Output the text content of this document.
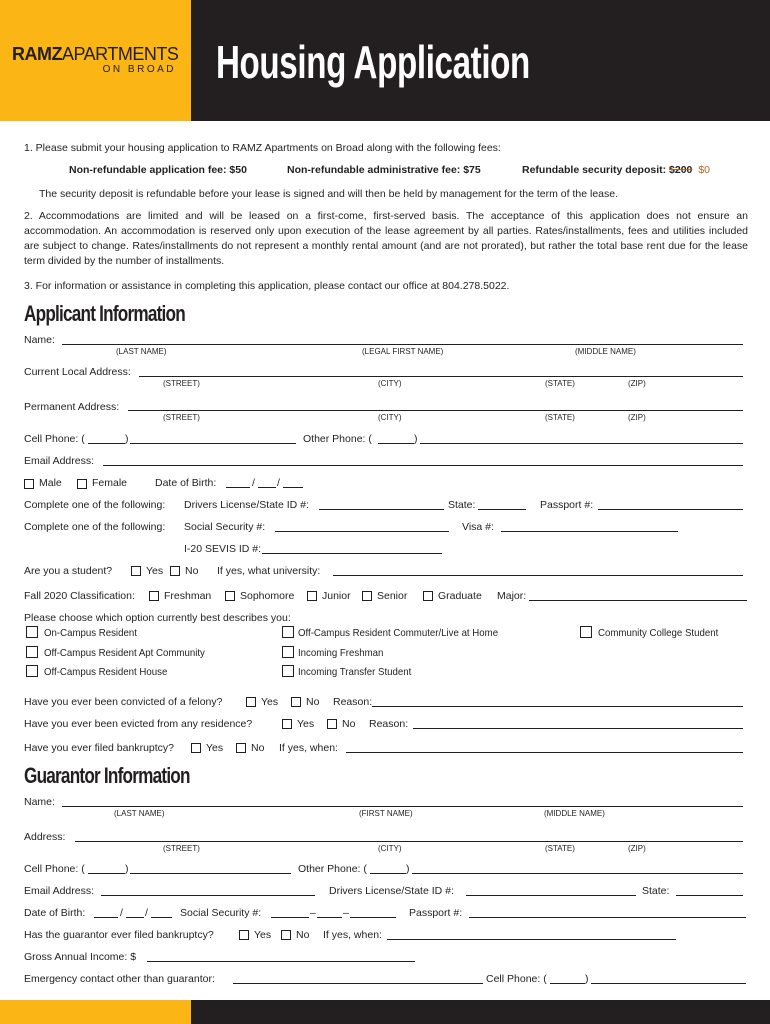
RAMZAPARTMENTS
ON BROAD Housing Application
1. Please submit your housing application to RAMZ Apartments on Broad along with the following fees:
Non-refundable application fee: $50	Non-refundable administrative fee: $75	Refundable security deposit: $200 $0
The security deposit is refundable before your lease is signed and will then be held by management for the term of the lease.
2. Accommodations are limited and will be leased on a first-come, first-served basis. The acceptance of this application does not ensure an accommodation. An accommodation is reserved only upon execution of the lease agreement by all parties. Rates/installments, fees and utilities included are subject to change. Rates/installments do not represent a monthly rental amount (and are not prorated), but rather the total base rent due for the lease term divided by the number of installments.
3. For information or assistance in completing this application, please contact our office at 804.278.5022.
Applicant Information
Name:
(LAST NAME)	(LEGAL FIRST NAME)	(MIDDLE NAME)
Current Local Address:
(STREET)	(CITY)	(STATE)	(ZIP)
Permanent Address:
(STREET)	(CITY)	(STATE)	(ZIP)
Cell Phone: (	)	Other Phone: (	)
Email Address:
Male	Female	Date of Birth:	/ /
Complete one of the following: Drivers License/State ID #:	State:	Passport #:
Complete one of the following: Social Security #:	Visa #:
I-20 SEVIS ID #:
Are you a student?	Yes No If yes, what university:
Fall 2020 Classification:	Freshman	Sophomore	Junior	Senior	Graduate Major:
Please choose which option currently best describes you:
On-Campus Resident	Off-Campus Resident Commuter/Live at Home	Community College Student
Off-Campus Resident Apt Community	Incoming Freshman
Off-Campus Resident House	Incoming Transfer Student
Have you ever been convicted of a felony?	Yes	No Reason:
Have you ever been evicted from any residence?	Yes	No Reason:
Have you ever filed bankruptcy?	Yes	No If yes, when:
Guarantor Information
Name:
(LAST NAME)	(FIRST NAME)	(MIDDLE NAME)
Address:
(STREET)	(CITY)	(STATE)	(ZIP)
Cell Phone: (	)	Other Phone: (	)
Email Address:	Drivers License/State ID #:	State:
Date of Birth:	/ /	Social Security #:	–	–	Passport #:
Has the guarantor ever filed bankruptcy?	Yes No If yes, when:
Gross Annual Income: $
Emergency contact other than guarantor:	Cell Phone: (	)
